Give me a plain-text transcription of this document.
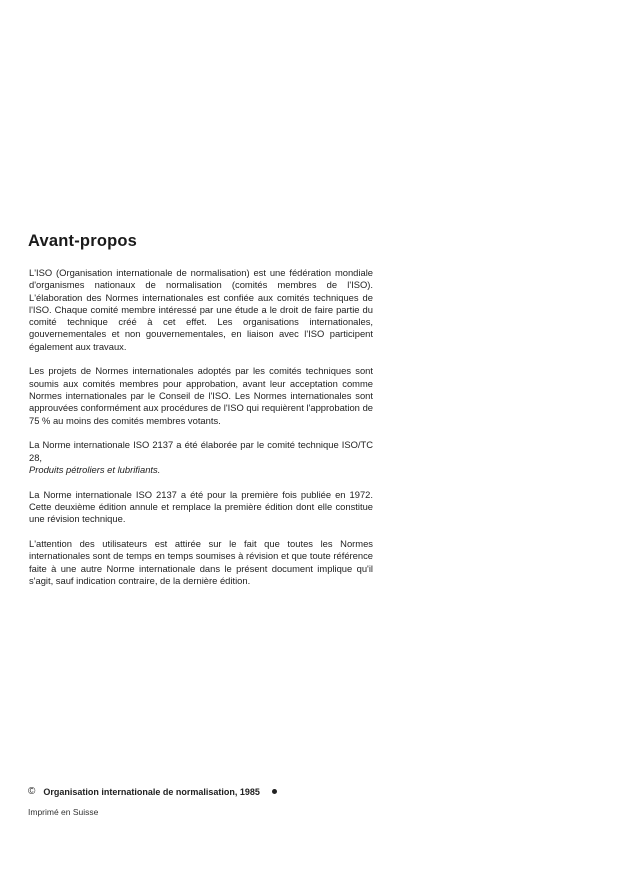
Avant-propos

L'ISO (Organisation internationale de normalisation) est une fédération mondiale d'organismes nationaux de normalisation (comités membres de l'ISO). L'élaboration des Normes internationales est confiée aux comités techniques de l'ISO. Chaque comité membre intéressé par une étude a le droit de faire partie du comité technique créé à cet effet. Les organisations internationales, gouvernementales et non gouvernementales, en liaison avec l'ISO participent également aux travaux.

Les projets de Normes internationales adoptés par les comités techniques sont soumis aux comités membres pour approbation, avant leur acceptation comme Normes internationales par le Conseil de l'ISO. Les Normes internationales sont approuvées conformément aux procédures de l'ISO qui requièrent l'approbation de 75 % au moins des comités membres votants.

La Norme internationale ISO 2137 a été élaborée par le comité technique ISO/TC 28,
Produits pétroliers et lubrifiants.

La Norme internationale ISO 2137 a été pour la première fois publiée en 1972. Cette deuxième édition annule et remplace la première édition dont elle constitue une révision technique.

L'attention des utilisateurs est attirée sur le fait que toutes les Normes internationales sont de temps en temps soumises à révision et que toute référence faite à une autre Norme internationale dans le présent document implique qu'il s'agit, sauf indication contraire, de la dernière édition.

© Organisation internationale de normalisation, 1985
Imprimé en Suisse
